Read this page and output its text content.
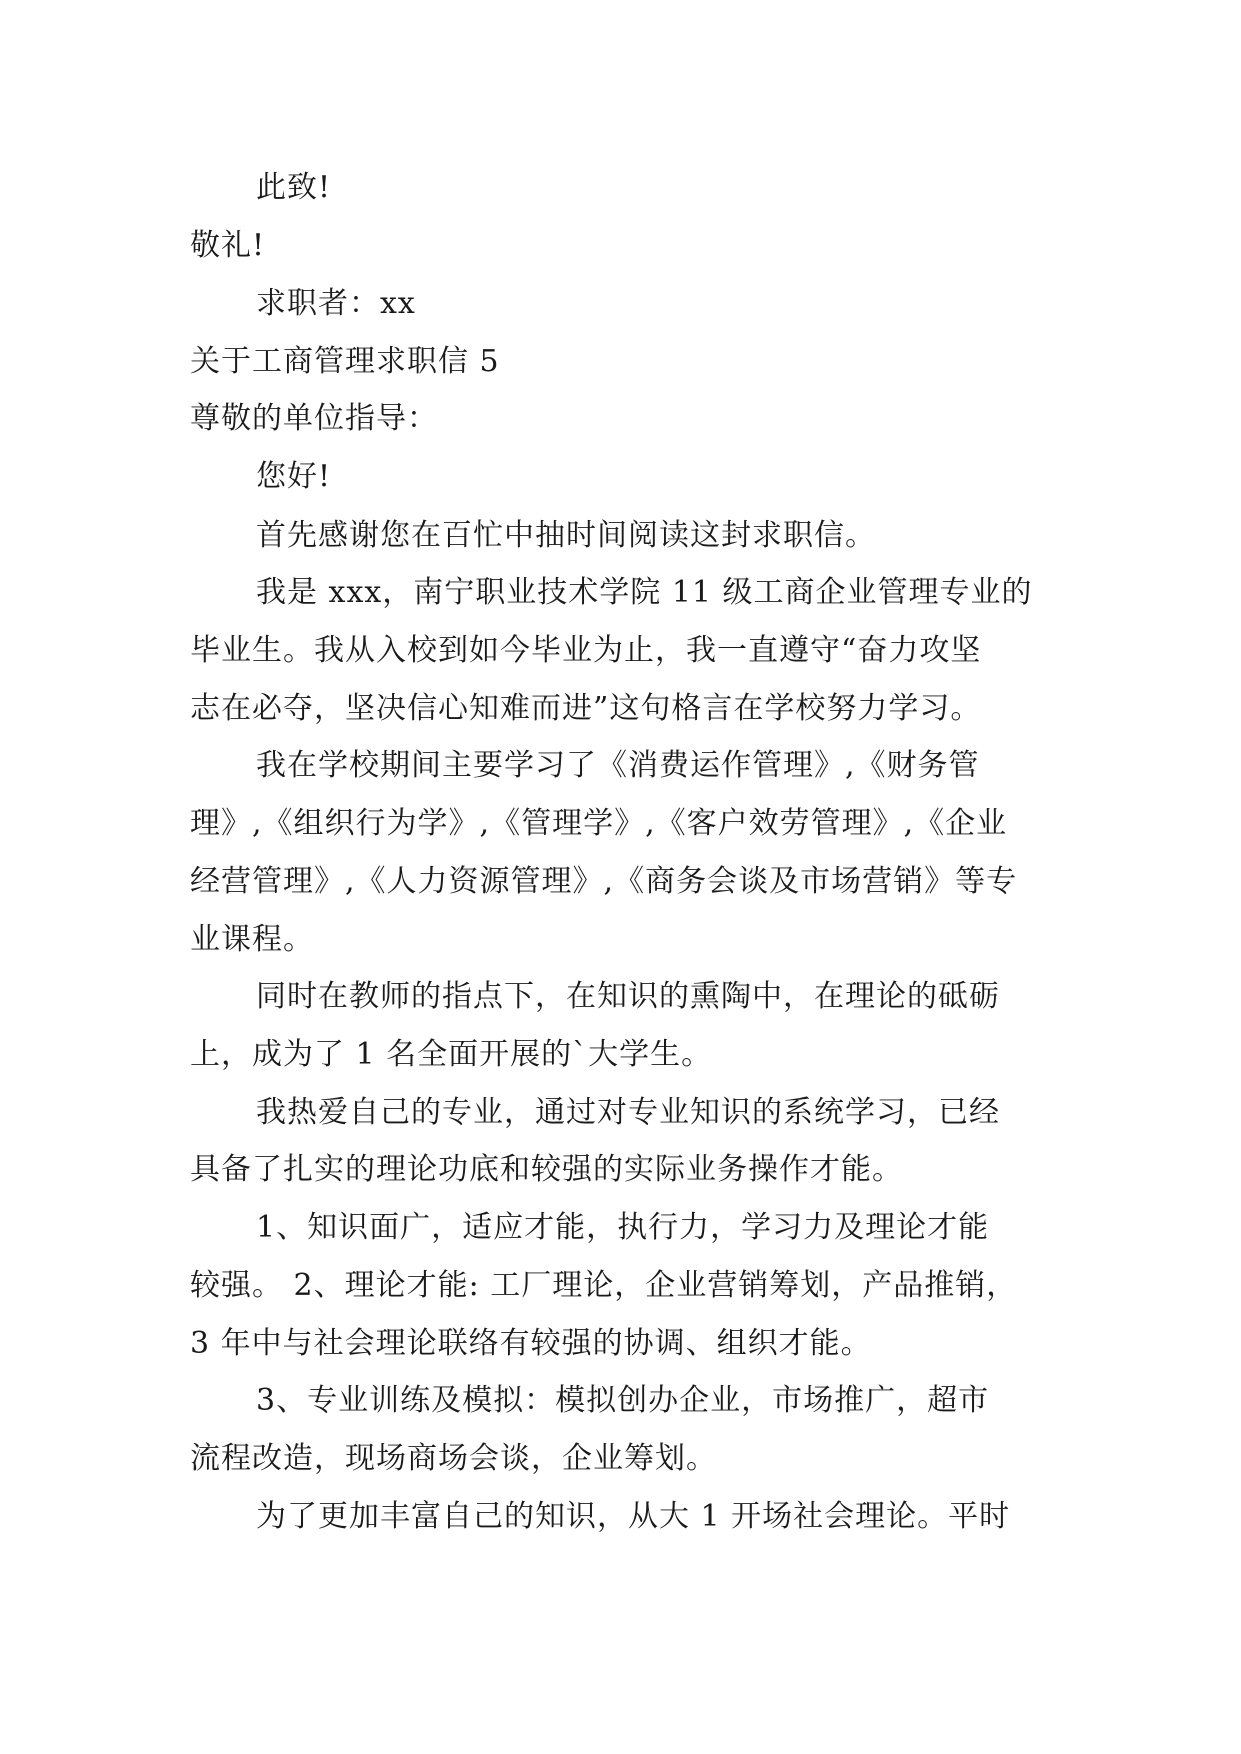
此致!
敬礼!
求职者：xx
关于工商管理求职信 5
尊敬的单位指导：
您好!
首先感谢您在百忙中抽时间阅读这封求职信。
我是 xxx，南宁职业技术学院 11 级工商企业管理专业的
毕业生。我从入校到如今毕业为止，我一直遵守“奋力攻坚
志在必夺，坚决信心知难而进”这句格言在学校努力学习。
我在学校期间主要学习了《消费运作管理》,《财务管
理》,《组织行为学》,《管理学》,《客户效劳管理》,《企业
经营管理》,《人力资源管理》,《商务会谈及市场营销》等专
业课程。
同时在教师的指点下，在知识的熏陶中，在理论的砥砺
上，成为了 1 名全面开展的`大学生。
我热爱自己的专业，通过对专业知识的系统学习，已经
具备了扎实的理论功底和较强的实际业务操作才能。
1、知识面广，适应才能，执行力，学习力及理论才能
较强。 2、理论才能: 工厂理论，企业营销筹划，产品推销，
3 年中与社会理论联络有较强的协调、组织才能。
3、专业训练及模拟：模拟创办企业，市场推广，超市
流程改造，现场商场会谈，企业筹划。
为了更加丰富自己的知识，从大 1 开场社会理论。平时
